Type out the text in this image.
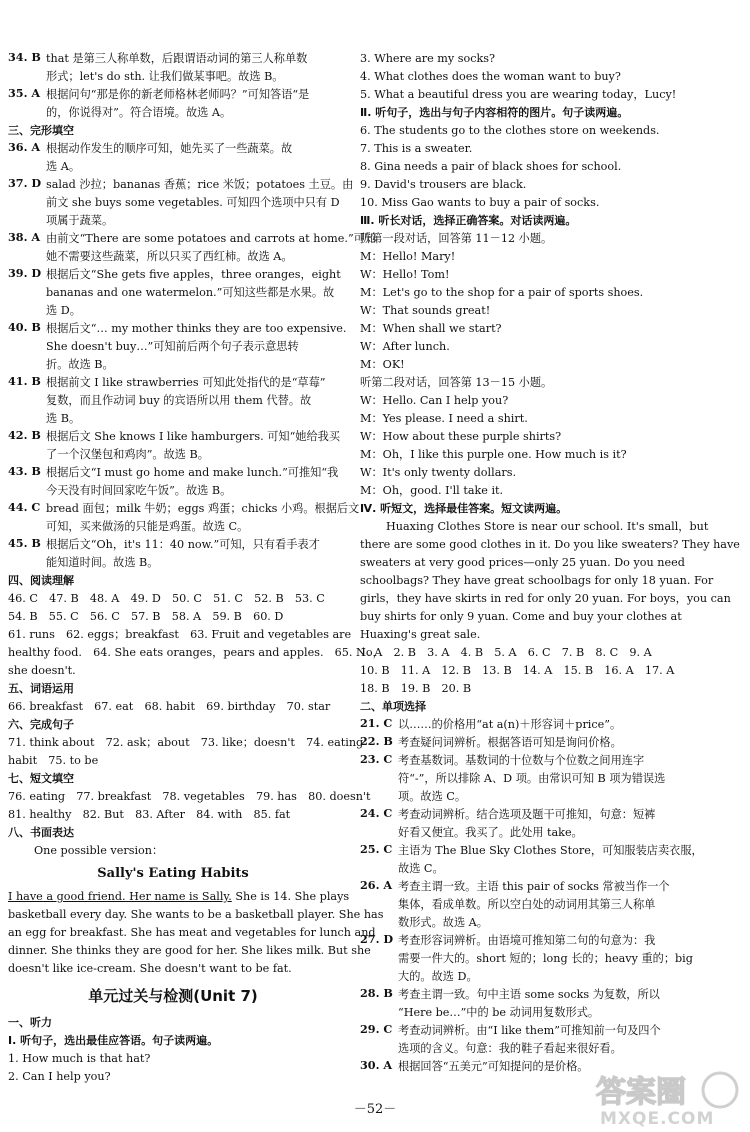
34. B that 是第三人称单数，后跟谓语动词的第三人称单数
形式；let's do sth. 让我们做某事吧。故选 B。
35. A 根据问句“那是你的新老师格林老师吗？”可知答语“是
的，你说得对”。符合语境。故选 A。
三、完形填空
36. A 根据动作发生的顺序可知，她先买了一些蔬菜。故
选 A。
37. D salad 沙拉；bananas 香蕉；rice 米饭；potatoes 土豆。由
前文 she buys some vegetables. 可知四个选项中只有 D
项属于蔬菜。
38. A 由前文“There are some potatoes and carrots at home.”可知
她不需要这些蔬菜，所以只买了西红柿。故选 A。
39. D 根据后文“She gets five apples，three oranges，eight
bananas and one watermelon.”可知这些都是水果。故
选 D。
40. B 根据后文“… my mother thinks they are too expensive.
She doesn't buy…”可知前后两个句子表示意思转
折。故选 B。
41. B 根据前文 I like strawberries 可知此处指代的是“草莓”
复数，而且作动词 buy 的宾语所以用 them 代替。故
选 B。
42. B 根据后文 She knows I like hamburgers. 可知“她给我买
了一个汉堡包和鸡肉”。故选 B。
43. B 根据后文“I must go home and make lunch.”可推知“我
今天没有时间回家吃午饭”。故选 B。
44. C bread 面包；milk 牛奶；eggs 鸡蛋；chicks 小鸡。根据后文
可知，买来做汤的只能是鸡蛋。故选 C。
45. B 根据后文“Oh，it's 11：40 now.”可知，只有看手表才
能知道时间。故选 B。
四、阅读理解
46. C　47. B　48. A　49. D　50. C　51. C　52. B　53. C
54. B　55. C　56. C　57. B　58. A　59. B　60. D
61. runs　62. eggs；breakfast　63. Fruit and vegetables are
healthy food.　64. She eats oranges，pears and apples.　65. No，
she doesn't.
五、词语运用
66. breakfast　67. eat　68. habit　69. birthday　70. star
六、完成句子
71. think about　72. ask；about　73. like；doesn't　74. eating
habit　75. to be
七、短文填空
76. eating　77. breakfast　78. vegetables　79. has　80. doesn't
81. healthy　82. But　83. After　84. with　85. fat
八、书面表达
One possible version：
Sally's Eating Habits
I have a good friend. Her name is Sally. She is 14. She plays
basketball every day. She wants to be a basketball player. She has
an egg for breakfast. She has meat and vegetables for lunch and
dinner. She thinks they are good for her. She likes milk. But she
doesn't like ice-cream. She doesn't want to be fat.
单元过关与检测(Unit 7)
一、听力
Ⅰ. 听句子，选出最佳应答语。句子读两遍。
1. How much is that hat?
2. Can I help you?
3. Where are my socks?
4. What clothes does the woman want to buy?
5. What a beautiful dress you are wearing today，Lucy!
Ⅱ. 听句子，选出与句子内容相符的图片。句子读两遍。
6. The students go to the clothes store on weekends.
7. This is a sweater.
8. Gina needs a pair of black shoes for school.
9. David's trousers are black.
10. Miss Gao wants to buy a pair of socks.
Ⅲ. 听长对话，选择正确答案。对话读两遍。
听第一段对话，回答第 11－12 小题。
M：Hello! Mary!
W：Hello! Tom!
M：Let's go to the shop for a pair of sports shoes.
W：That sounds great!
M：When shall we start?
W：After lunch.
M：OK!
听第二段对话，回答第 13－15 小题。
W：Hello. Can I help you?
M：Yes please. I need a shirt.
W：How about these purple shirts?
M：Oh，I like this purple one. How much is it?
W：It's only twenty dollars.
M：Oh，good. I'll take it.
Ⅳ. 听短文，选择最佳答案。短文读两遍。
Huaxing Clothes Store is near our school. It's small，but
there are some good clothes in it. Do you like sweaters? They have
sweaters at very good prices—only 25 yuan. Do you need
schoolbags? They have great schoolbags for only 18 yuan. For
girls，they have skirts in red for only 20 yuan. For boys，you can
buy shirts for only 9 yuan. Come and buy your clothes at
Huaxing's great sale.
1. A　2. B　3. A　4. B　5. A　6. C　7. B　8. C　9. A
10. B　11. A　12. B　13. B　14. A　15. B　16. A　17. A
18. B　19. B　20. B
二、单项选择
21. C 以……的价格用“at a(n)＋形容词＋price”。
22. B 考查疑问词辨析。根据答语可知是询问价格。
23. C 考查基数词。基数词的十位数与个位数之间用连字
符“-”，所以排除 A、D 项。由常识可知 B 项为错误选
项。故选 C。
24. C 考查动词辨析。结合选项及题干可推知，句意：短裤
好看又便宜。我买了。此处用 take。
25. C 主语为 The Blue Sky Clothes Store，可知服装店卖衣服，
故选 C。
26. A 考查主谓一致。主语 this pair of socks 常被当作一个
集体，看成单数。所以空白处的动词用其第三人称单
数形式。故选 A。
27. D 考查形容词辨析。由语境可推知第二句的句意为：我
需要一件大的。short 短的；long 长的；heavy 重的；big
大的。故选 D。
28. B 考查主谓一致。句中主语 some socks 为复数，所以
“Here be…”中的 be 动词用复数形式。
29. C 考查动词辨析。由“I like them”可推知前一句及四个
选项的含义。句意：我的鞋子看起来很好看。
30. A 根据回答“五美元”可知提问的是价格。
－52－	答案圈
MXQE.COM
